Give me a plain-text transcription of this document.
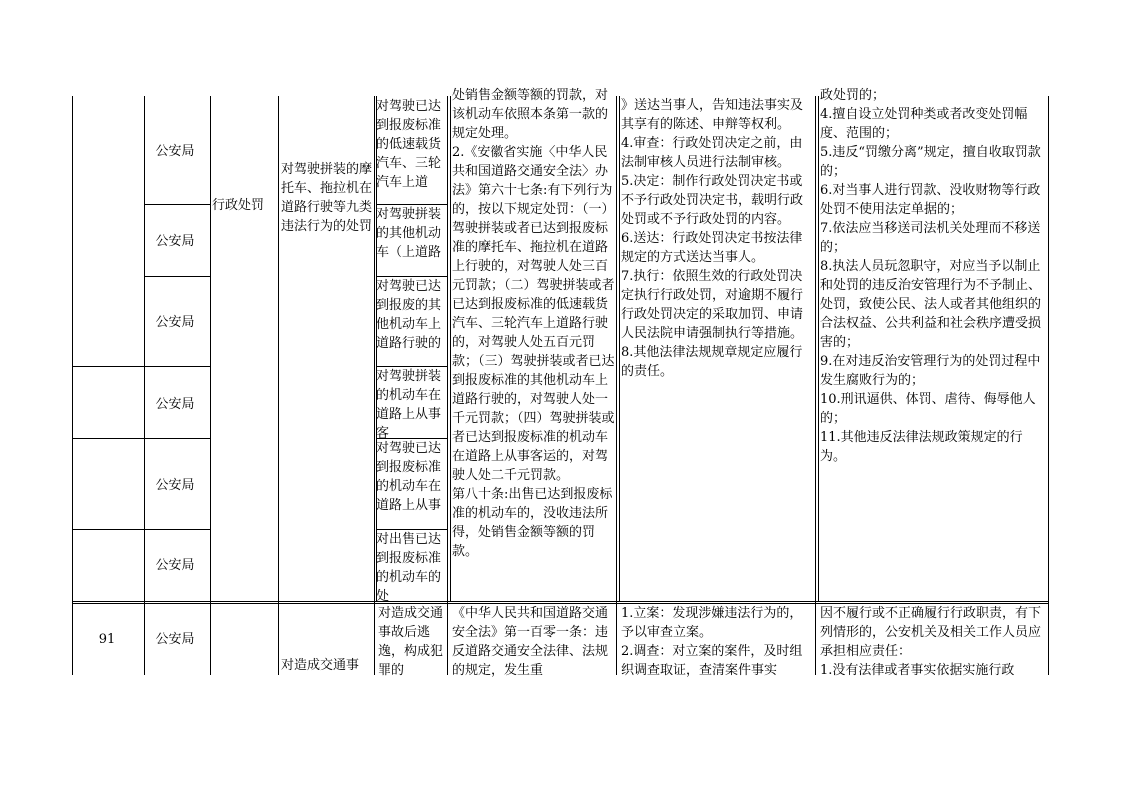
公安局
公安局
公安局
公安局
公安局
公安局
行政处罚
对驾驶拼装的摩托车、拖拉机在道路行驶等九类违法行为的处罚
对驾驶已达到报废标准的低速载货汽车、三轮汽车上道
对驾驶拼装的其他机动车（上道路
对驾驶已达到报废的其他机动车上道路行驶的
对驾驶拼装的机动车在道路上从事客
对驾驶已达到报废标准的机动车在道路上从事
对出售已达到报废标准的机动车的处
处销售金额等额的罚款，对该机动车依照本条第一款的规定处理。
2.《安徽省实施〈中华人民共和国道路交通安全法〉办法》第六十七条:有下列行为的，按以下规定处罚：（一）驾驶拼装或者已达到报废标准的摩托车、拖拉机在道路上行驶的，对驾驶人处三百元罚款；（二）驾驶拼装或者已达到报废标准的低速载货汽车、三轮汽车上道路行驶的，对驾驶人处五百元罚款；（三）驾驶拼装或者已达到报废标准的其他机动车上道路行驶的，对驾驶人处一千元罚款；（四）驾驶拼装或者已达到报废标准的机动车在道路上从事客运的，对驾驶人处二千元罚款。
第八十条:出售已达到报废标准的机动车的，没收违法所得，处销售金额等额的罚款。
》送达当事人，告知违法事实及其享有的陈述、申辩等权利。
4.审查：行政处罚决定之前，由法制审核人员进行法制审核。
5.决定：制作行政处罚决定书或不予行政处罚决定书，载明行政处罚或不予行政处罚的内容。
6.送达：行政处罚决定书按法律规定的方式送达当事人。
7.执行：依照生效的行政处罚决定执行行政处罚，对逾期不履行行政处罚决定的采取加罚、申请人民法院申请强制执行等措施。
8.其他法律法规规章规定应履行的责任。
政处罚的；
4.擅自设立处罚种类或者改变处罚幅度、范围的；
5.违反“罚缴分离”规定，擅自收取罚款的；
6.对当事人进行罚款、没收财物等行政处罚不使用法定单据的；
7.依法应当移送司法机关处理而不移送的；
8.执法人员玩忽职守，对应当予以制止和处罚的违反治安管理行为不予制止、处罚，致使公民、法人或者其他组织的合法权益、公共利益和社会秩序遭受损害的；
9.在对违反治安管理行为的处罚过程中发生腐败行为的；
10.刑讯逼供、体罚、虐待、侮辱他人的；
11.其他违反法律法规政策规定的行为。
91	公安局
对造成交通事
对造成交通事故后逃逸，构成犯罪的
《中华人民共和国道路交通安全法》第一百零一条：违反道路交通安全法律、法规的规定，发生重
1.立案：发现涉嫌违法行为的，予以审查立案。
2.调查：对立案的案件，及时组织调查取证，查清案件事实
因不履行或不正确履行行政职责，有下列情形的，公安机关及相关工作人员应承担相应责任：
1.没有法律或者事实依据实施行政
